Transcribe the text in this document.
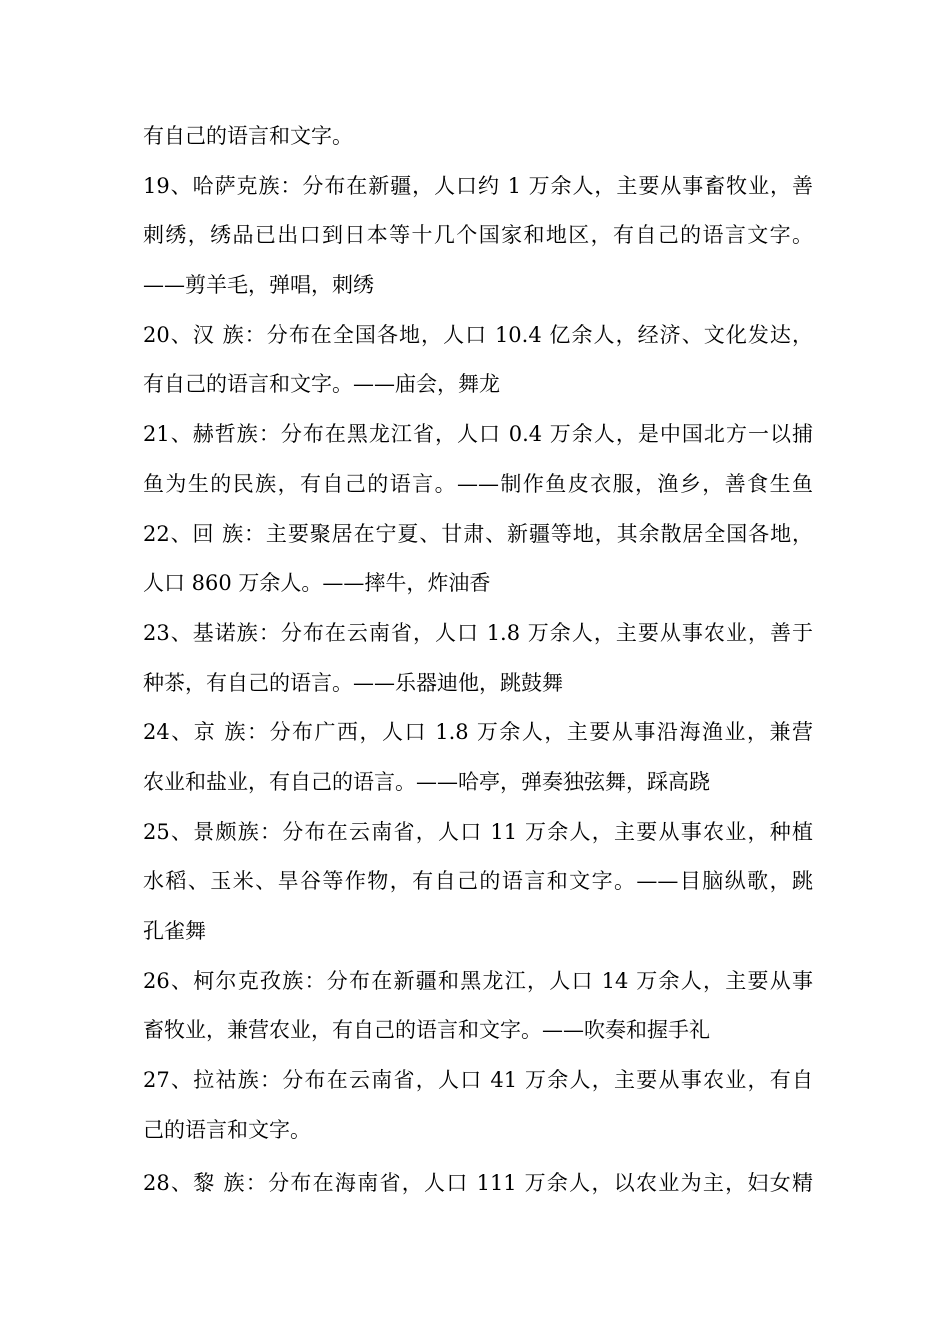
有自己的语言和文字。
19、哈萨克族：分布在新疆，人口约 1 万余人，主要从事畜牧业，善
刺绣，绣品已出口到日本等十几个国家和地区，有自己的语言文字。
——剪羊毛，弹唱，刺绣
20、汉 族：分布在全国各地，人口 10.4 亿余人，经济、文化发达，
有自己的语言和文字。——庙会，舞龙
21、赫哲族：分布在黑龙江省，人口 0.4 万余人，是中国北方一以捕
鱼为生的民族，有自己的语言。——制作鱼皮衣服，渔乡，善食生鱼
22、回 族：主要聚居在宁夏、甘肃、新疆等地，其余散居全国各地，
人口 860 万余人。——摔牛，炸油香
23、基诺族：分布在云南省，人口 1.8 万余人，主要从事农业，善于
种茶，有自己的语言。——乐器迪他，跳鼓舞
24、京 族：分布广西，人口 1.8 万余人，主要从事沿海渔业，兼营
农业和盐业，有自己的语言。——哈亭，弹奏独弦舞，踩高跷
25、景颇族：分布在云南省，人口 11 万余人，主要从事农业，种植
水稻、玉米、旱谷等作物，有自己的语言和文字。——目脑纵歌，跳
孔雀舞
26、柯尔克孜族：分布在新疆和黑龙江，人口 14 万余人，主要从事
畜牧业，兼营农业，有自己的语言和文字。——吹奏和握手礼
27、拉祜族：分布在云南省，人口 41 万余人，主要从事农业，有自
己的语言和文字。
28、黎 族：分布在海南省，人口 111 万余人，以农业为主，妇女精
